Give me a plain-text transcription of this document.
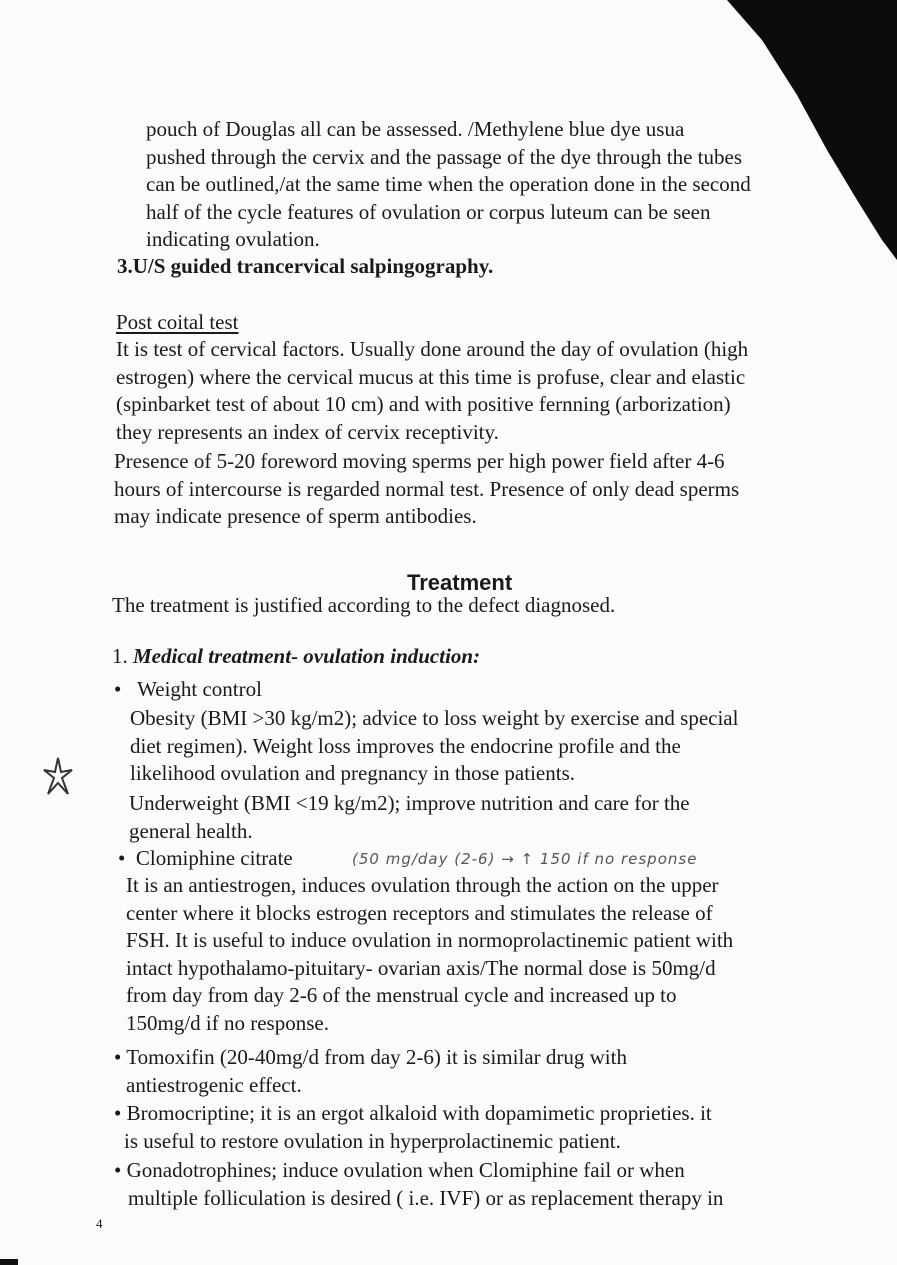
pouch of Douglas all can be assessed. /Methylene blue dye usua
pushed through the cervix and the passage of the dye through the tubes
can be outlined,/at the same time when the operation done in the second
half of the cycle features of ovulation or corpus luteum can be seen
indicating ovulation.
3.U/S guided trancervical salpingography.
Post coital test
It is test of cervical factors. Usually done around the day of ovulation (high
estrogen) where the cervical mucus at this time is profuse, clear and elastic
(spinbarket test of about 10 cm) and with positive fernning (arborization)
they represents an index of cervix receptivity.
Presence of 5-20 foreword moving sperms per high power field after 4-6
hours of intercourse is regarded normal test. Presence of only dead sperms
may indicate presence of sperm antibodies.
Treatment
The treatment is justified according to the defect diagnosed.
1. Medical treatment- ovulation induction:
•   Weight control
Obesity (BMI >30 kg/m2); advice to loss weight by exercise and special
diet regimen). Weight loss improves the endocrine profile and the
likelihood ovulation and pregnancy in those patients.
Underweight (BMI <19 kg/m2); improve nutrition and care for the
general health.
•  Clomiphine citrate	(50 mg/day (2-6) → ↑ 150 if no response
It is an antiestrogen, induces ovulation through the action on the upper
center where it blocks estrogen receptors and stimulates the release of
FSH. It is useful to induce ovulation in normoprolactinemic patient with
intact hypothalamo-pituitary- ovarian axis/The normal dose is 50mg/d
from day from day 2-6 of the menstrual cycle and increased up to
150mg/d if no response.
• Tomoxifin (20-40mg/d from day 2-6) it is similar drug with
antiestrogenic effect.
• Bromocriptine; it is an ergot alkaloid with dopamimetic proprieties. it
is useful to restore ovulation in hyperprolactinemic patient.
• Gonadotrophines; induce ovulation when Clomiphine fail or when
multiple folliculation is desired ( i.e. IVF) or as replacement therapy in
4
